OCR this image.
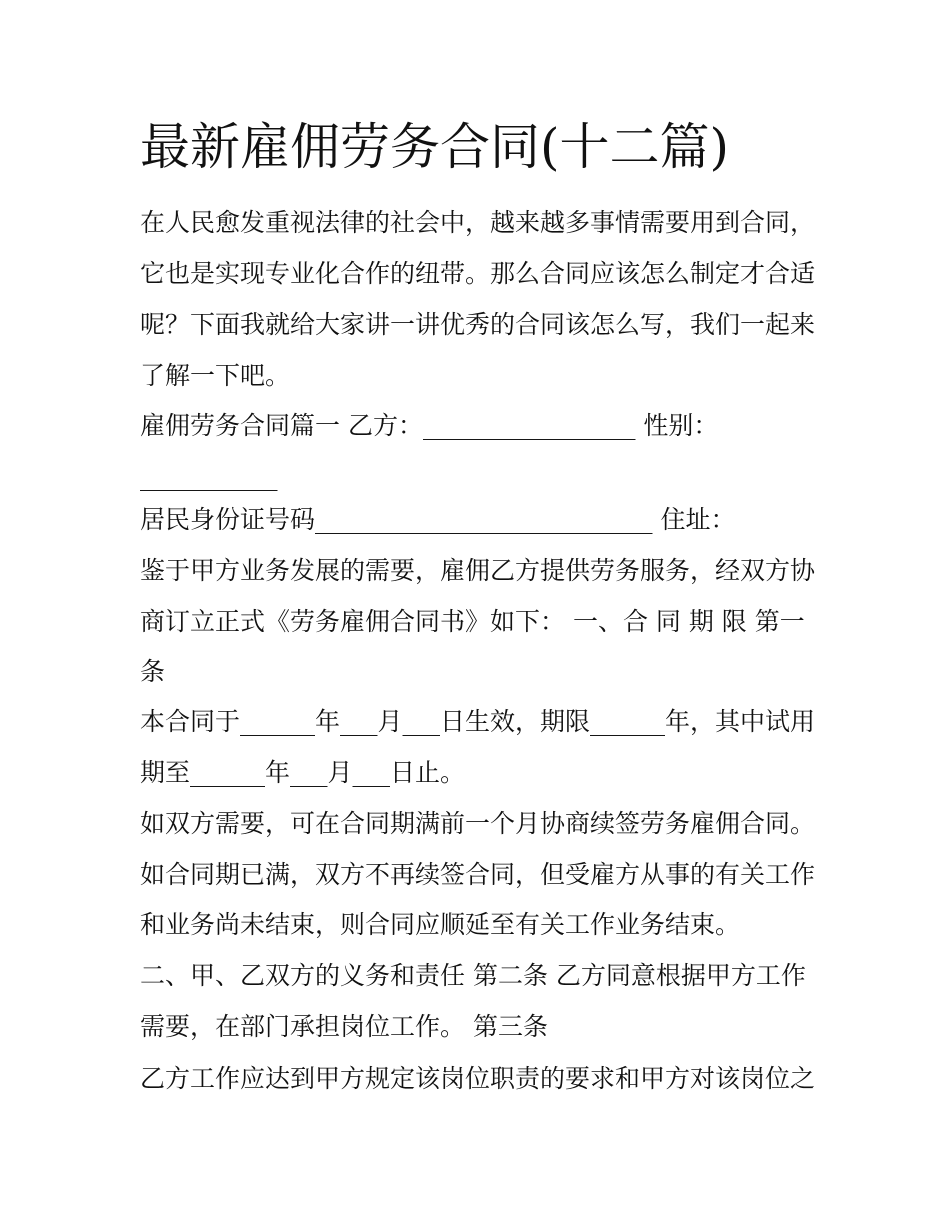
最新雇佣劳务合同(十二篇)
在人民愈发重视法律的社会中，越来越多事情需要用到合同，
它也是实现专业化合作的纽带。那么合同应该怎么制定才合适
呢？下面我就给大家讲一讲优秀的合同该怎么写，我们一起来
了解一下吧。
雇佣劳务合同篇一 乙方：_________________ 性别：
___________
居民身份证号码___________________________ 住址：
鉴于甲方业务发展的需要，雇佣乙方提供劳务服务，经双方协
商订立正式《劳务雇佣合同书》如下： 一、合 同 期 限 第一
条
本合同于______年___月___日生效，期限______年，其中试用
期至______年___月___日止。
如双方需要，可在合同期满前一个月协商续签劳务雇佣合同。
如合同期已满，双方不再续签合同，但受雇方从事的有关工作
和业务尚未结束，则合同应顺延至有关工作业务结束。
二、甲、乙双方的义务和责任 第二条 乙方同意根据甲方工作
需要，在部门承担岗位工作。 第三条
乙方工作应达到甲方规定该岗位职责的要求和甲方对该岗位之
